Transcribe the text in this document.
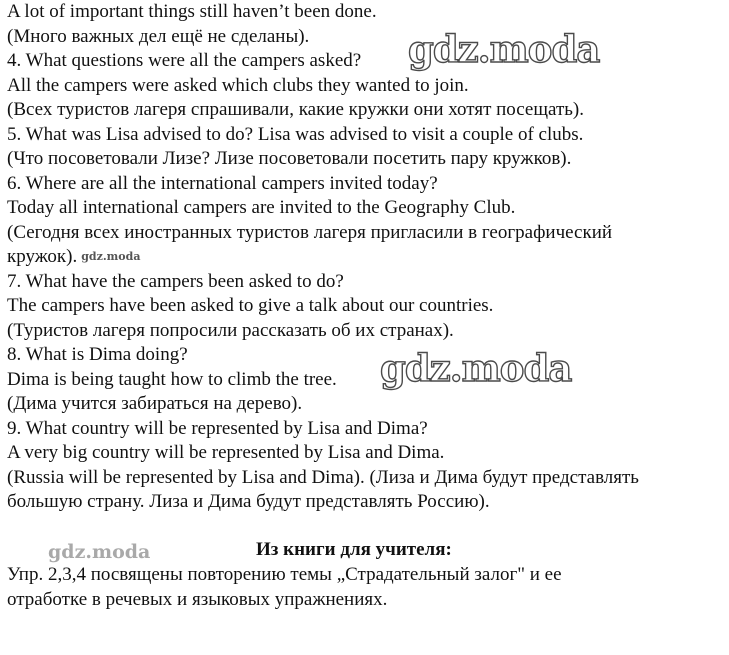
A lot of important things still haven’t been done.

(Много важных дел ещё не сделаны).

4. What questions were all the campers asked?

All the campers were asked which clubs they wanted to join.

(Всех туристов лагеря спрашивали, какие кружки они хотят посещать).

5. What was Lisa advised to do? Lisa was advised to visit a couple of clubs.

(Что посоветовали Лизе? Лизе посоветовали посетить пару кружков).

6. Where are all the international campers invited today?

Today all international campers are invited to the Geography Club.

(Сегодня всех иностранных туристов лагеря пригласили в географический

кружок). gdz.moda

7. What have the campers been asked to do?

The campers have been asked to give a talk about our countries.

(Туристов лагеря попросили рассказать об их странах).

8. What is Dima doing?

Dima is being taught how to climb the tree.

(Дима учится забираться на дерево).

9. What country will be represented by Lisa and Dima?

A very big country will be represented by Lisa and Dima.

(Russia will be represented by Lisa and Dima). (Лиза и Дима будут представлять

большую страну. Лиза и Дима будут представлять Россию).

Упр. 2,3,4 посвящены повторению темы „Страдательный залог" и ее

отработке в речевых и языковых упражнениях.

Из книги для учителя:
gdz.moda
gdz.moda
gdz.moda
